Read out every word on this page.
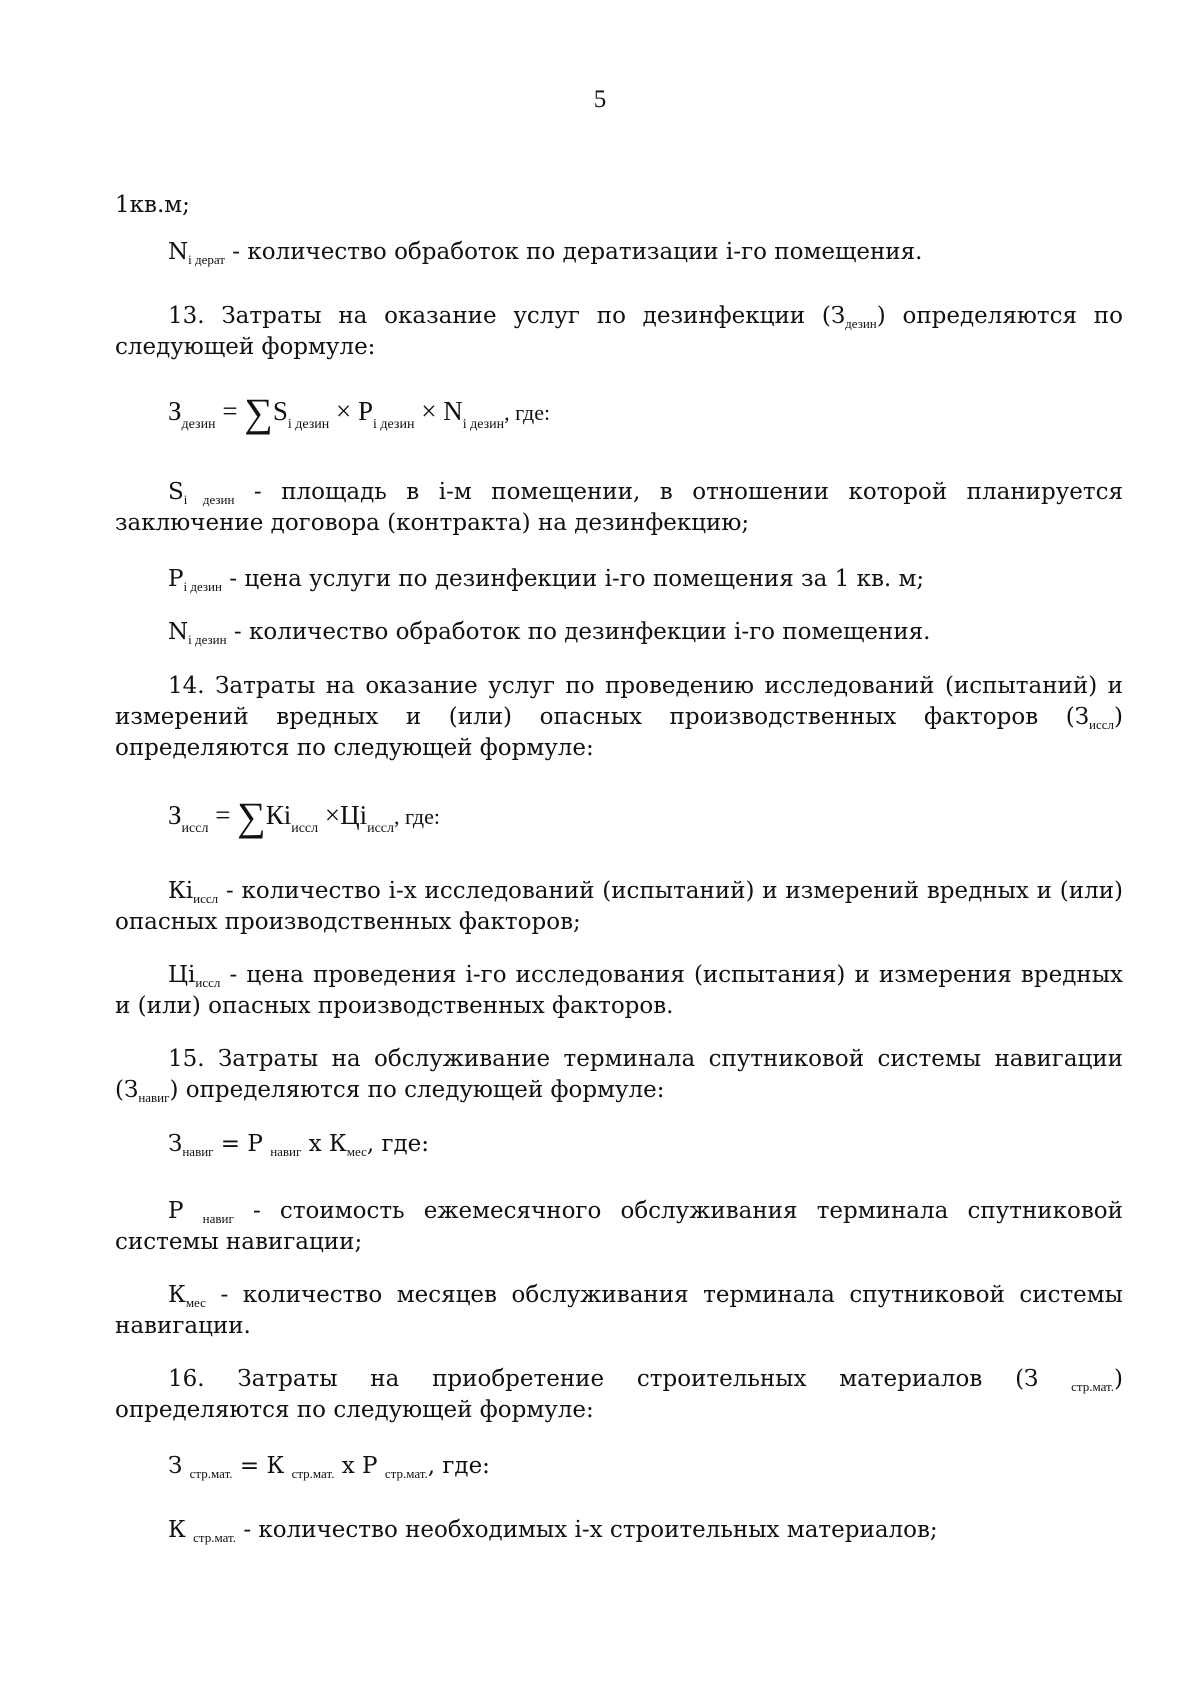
5

1кв.м;

$N_{i дерат}$ - количество обработок по дератизации i-го помещения.

13. Затраты на оказание услуг по дезинфекции $(З_{дезин})$ определяются по следующей формуле:

$З_{дезин} = \sum S_{i дезин} \times P_{i дезин} \times N_{i дезин}$, где:

$S_{i дезин}$ - площадь в i-м помещении, в отношении которой планируется заключение договора (контракта) на дезинфекцию;

$P_{i дезин}$ - цена услуги по дезинфекции i-го помещения за 1 кв. м;

$N_{i дезин}$ - количество обработок по дезинфекции i-го помещения.

14. Затраты на оказание услуг по проведению исследований (испытаний) и измерений вредных и (или) опасных производственных факторов $(З_{иссл})$ определяются по следующей формуле:

$З_{иссл} = \sum Кi_{иссл} \times Цi_{иссл}$, где:

$Кi_{иссл}$ - количество i-х исследований (испытаний) и измерений вредных и (или) опасных производственных факторов;

$Цi_{иссл}$ - цена проведения i-го исследования (испытания) и измерения вредных и (или) опасных производственных факторов.

15. Затраты на обслуживание терминала спутниковой системы навигации $(З_{навиг})$ определяются по следующей формуле:

$З_{навиг} = P$ $_{навиг}$ x $К_{мес}$, где:

P $_{навиг}$ - стоимость ежемесячного обслуживания терминала спутниковой системы навигации;

$К_{мес}$ - количество месяцев обслуживания терминала спутниковой системы навигации.

16. Затраты на приобретение строительных материалов (З $_{стр.мат.}$) определяются по следующей формуле:

З $_{стр.мат.}$ = К $_{стр.мат.}$ x P $_{стр.мат.}$, где:

К $_{стр.мат.}$ - количество необходимых i-х строительных материалов;
